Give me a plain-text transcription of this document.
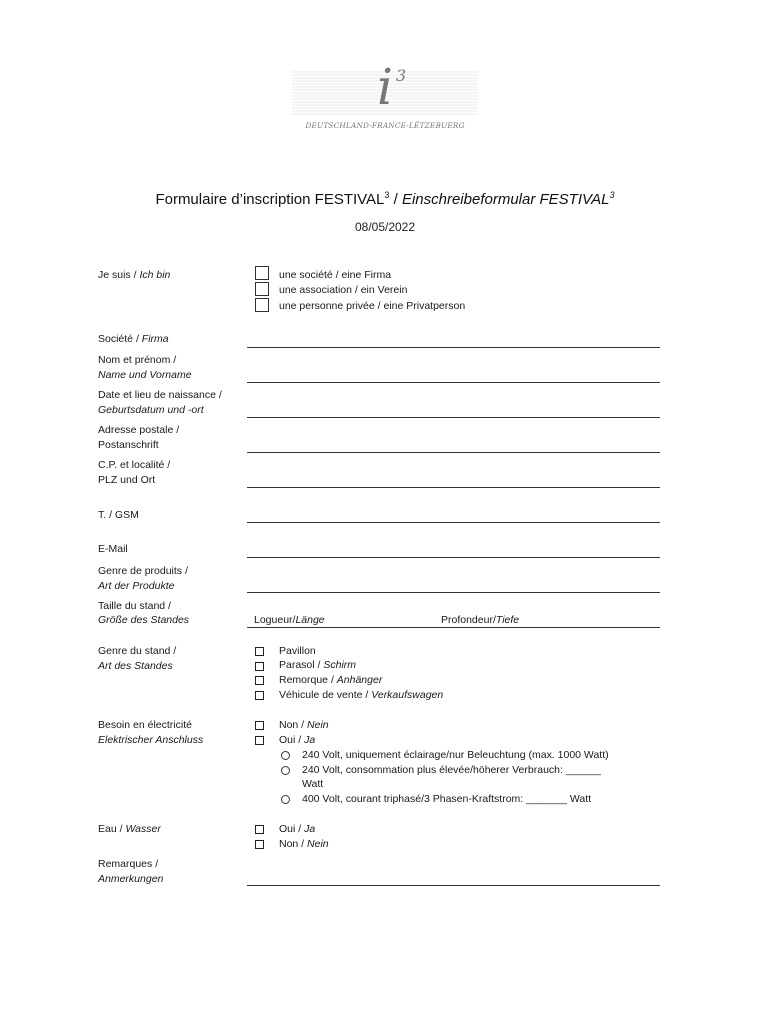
i 3
DEUTSCHLAND-FRANCE-LËTZEBUERG
Formulaire d’inscription FESTIVAL$^3$ / Einschreibeformular FESTIVAL$^3$
08/05/2022
Je suis / Ich bin	une société / eine Firma
une association / ein Verein
une personne privée / eine Privatperson
Société / Firma
Nom et prénom /
Name und Vorname
Date et lieu de naissance /
Geburtsdatum und -ort
Adresse postale /
Postanschrift
C.P. et localité /
PLZ und Ort
T. / GSM
E-Mail
Genre de produits /
Art der Produkte
Taille du stand /
Größe des Standes	Logueur/Länge	Profondeur/Tiefe
Genre du stand /
Art des Standes
Pavillon
Parasol / Schirm
Remorque / Anhänger
Véhicule de vente / Verkaufswagen
Besoin en électricité
Elektrischer Anschluss
Non / Nein
Oui / Ja
240 Volt, uniquement éclairage/nur Beleuchtung (max. 1000 Watt)
240 Volt, consommation plus élevée/höherer Verbrauch: ______
Watt
400 Volt, courant triphasé/3 Phasen-Kraftstrom: _______ Watt
Eau / Wasser	Oui / Ja
Non / Nein
Remarques /
Anmerkungen
